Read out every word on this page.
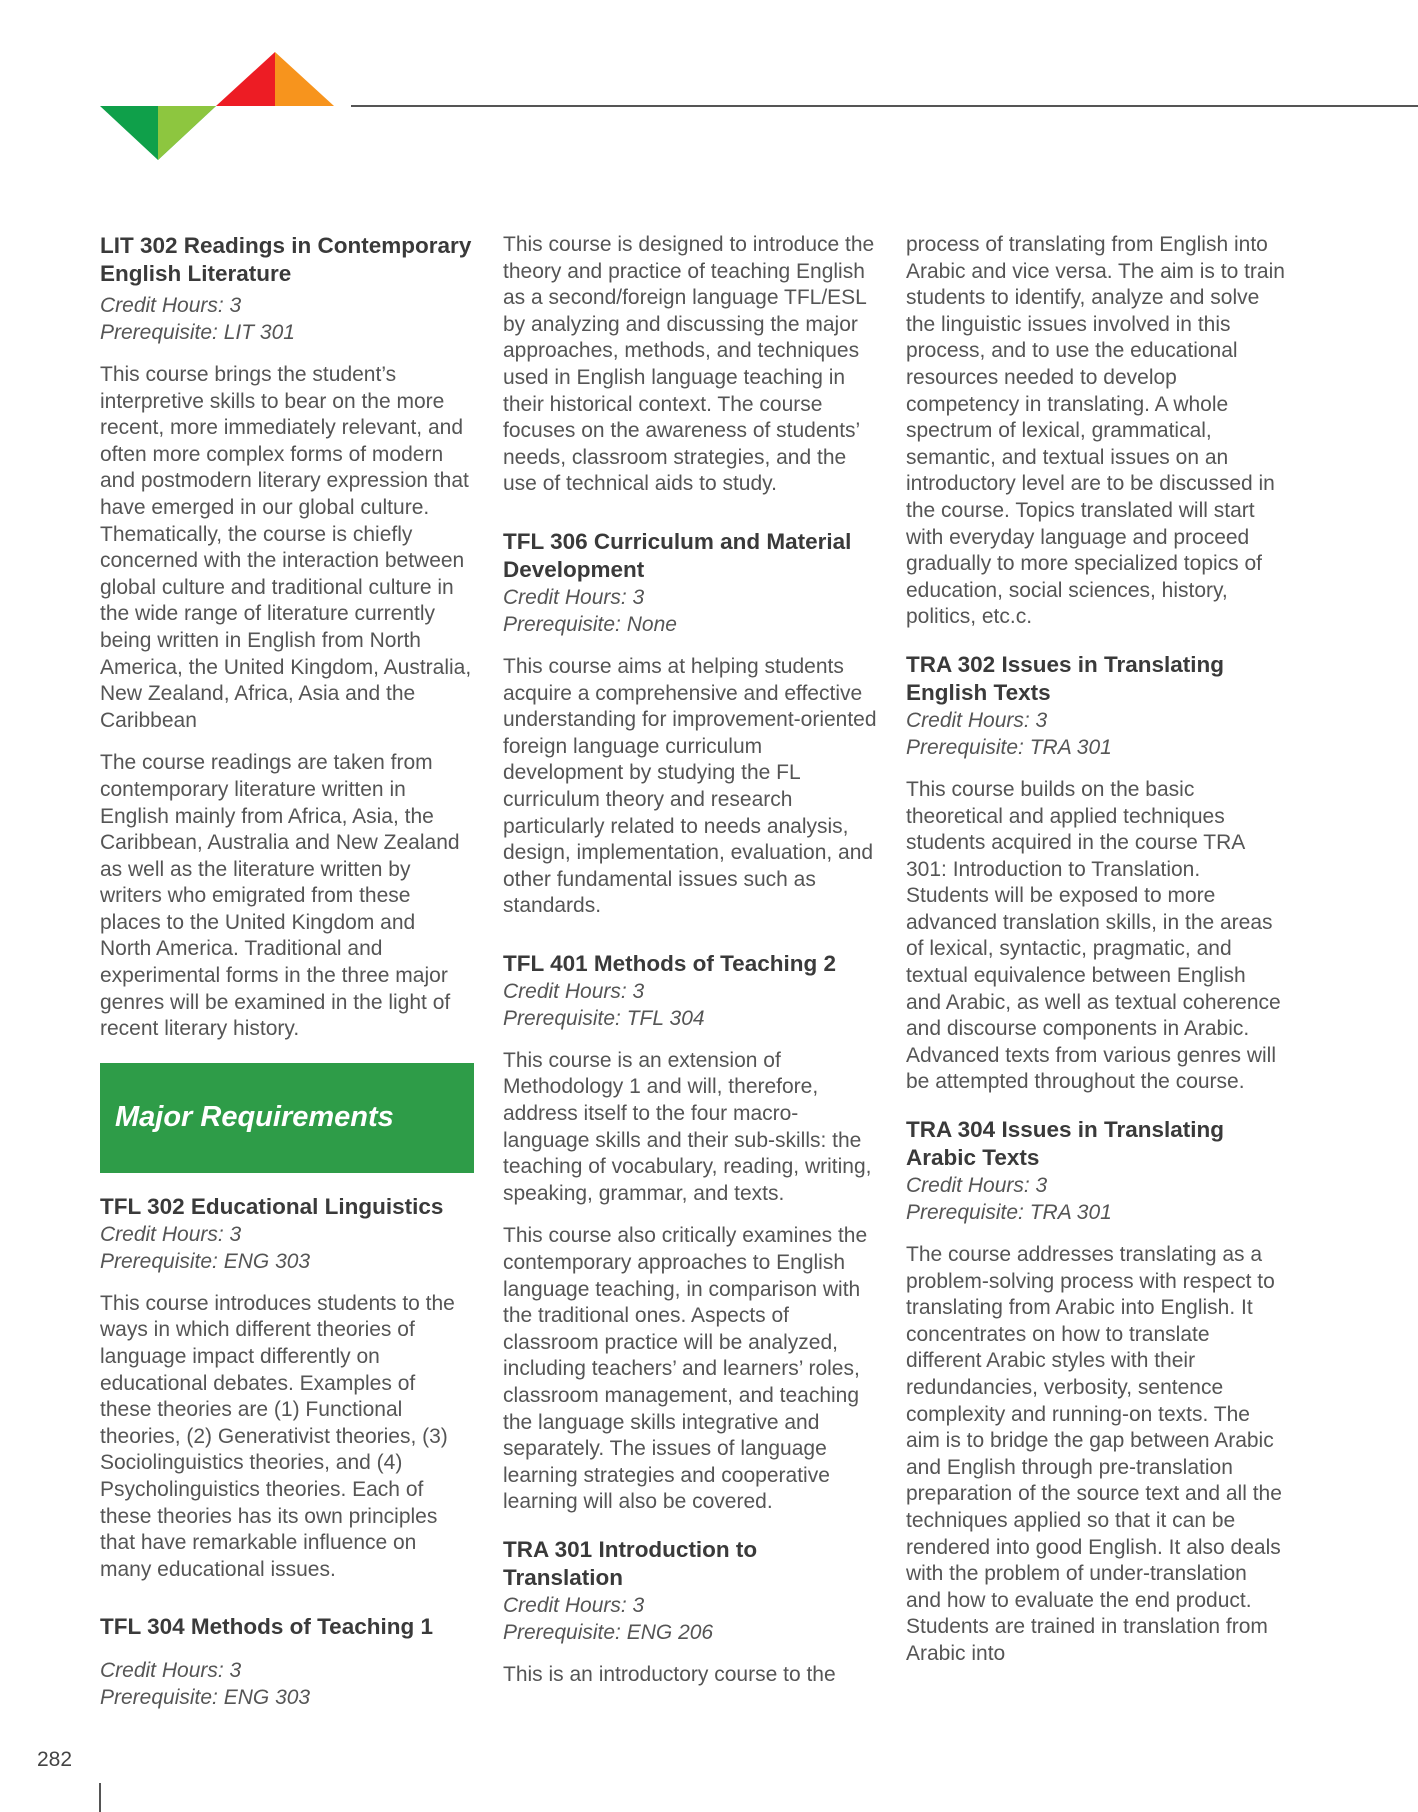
LIT 302 Readings in Contemporary English Literature

Credit Hours: 3

Prerequisite: LIT 301

This course brings the student’s interpretive skills to bear on the more recent, more immediately relevant, and often more complex forms of modern and postmodern literary expression that have emerged in our global culture. Thematically, the course is chiefly concerned with the interaction between global culture and traditional culture in the wide range of literature currently being written in English from North America, the United Kingdom, Australia, New Zealand, Africa, Asia and the Caribbean

The course readings are taken from contemporary literature written in English mainly from Africa, Asia, the Caribbean, Australia and New Zealand as well as the literature written by writers who emigrated from these places to the United Kingdom and North America. Traditional and experimental forms in the three major genres will be examined in the light of recent literary history.

Major Requirements
TFL 302 Educational Linguistics

Credit Hours: 3

Prerequisite: ENG 303

This course introduces students to the ways in which different theories of language impact differently on educational debates. Examples of these theories are (1) Functional theories, (2) Generativist theories, (3) Sociolinguistics theories, and (4) Psycholinguistics theories. Each of these theories has its own principles that have remarkable influence on many educational issues.

TFL 304 Methods of Teaching 1

Credit Hours: 3

Prerequisite: ENG 303

This course is designed to introduce the theory and practice of teaching English as a second/foreign language TFL/ESL by analyzing and discussing the major approaches, methods, and techniques used in English language teaching in their historical context. The course focuses on the awareness of students’ needs, classroom strategies, and the use of technical aids to study.

TFL 306 Curriculum and Material Development

Credit Hours: 3

Prerequisite: None

This course aims at helping students acquire a comprehensive and effective understanding for improvement-oriented foreign language curriculum development by studying the FL curriculum theory and research particularly related to needs analysis, design, implementation, evaluation, and other fundamental issues such as standards.

TFL 401 Methods of Teaching 2

Credit Hours: 3

Prerequisite: TFL 304

This course is an extension of Methodology 1 and will, therefore, address itself to the four macro-language skills and their sub-skills: the teaching of vocabulary, reading, writing, speaking, grammar, and texts.

This course also critically examines the contemporary approaches to English language teaching, in comparison with the traditional ones. Aspects of classroom practice will be analyzed, including teachers’ and learners’ roles, classroom management, and teaching the language skills integrative and separately. The issues of language learning strategies and cooperative learning will also be covered.

TRA 301 Introduction to Translation

Credit Hours: 3

Prerequisite: ENG 206

This is an introductory course to the

process of translating from English into Arabic and vice versa. The aim is to train students to identify, analyze and solve the linguistic issues involved in this process, and to use the educational resources needed to develop competency in translating. A whole spectrum of lexical, grammatical, semantic, and textual issues on an introductory level are to be discussed in the course. Topics translated will start with everyday language and proceed gradually to more specialized topics of education, social sciences, history, politics, etc.c.

TRA 302 Issues in Translating English Texts

Credit Hours: 3

Prerequisite: TRA 301

This course builds on the basic theoretical and applied techniques students acquired in the course TRA 301: Introduction to Translation. Students will be exposed to more advanced translation skills, in the areas of lexical, syntactic, pragmatic, and textual equivalence between English and Arabic, as well as textual coherence and discourse components in Arabic. Advanced texts from various genres will be attempted throughout the course.

TRA 304 Issues in Translating Arabic Texts

Credit Hours: 3

Prerequisite: TRA 301

The course addresses translating as a problem-solving process with respect to translating from Arabic into English. It concentrates on how to translate different Arabic styles with their redundancies, verbosity, sentence complexity and running-on texts. The aim is to bridge the gap between Arabic and English through pre-translation preparation of the source text and all the techniques applied so that it can be rendered into good English. It also deals with the problem of under-translation and how to evaluate the end product. Students are trained in translation from Arabic into

282
